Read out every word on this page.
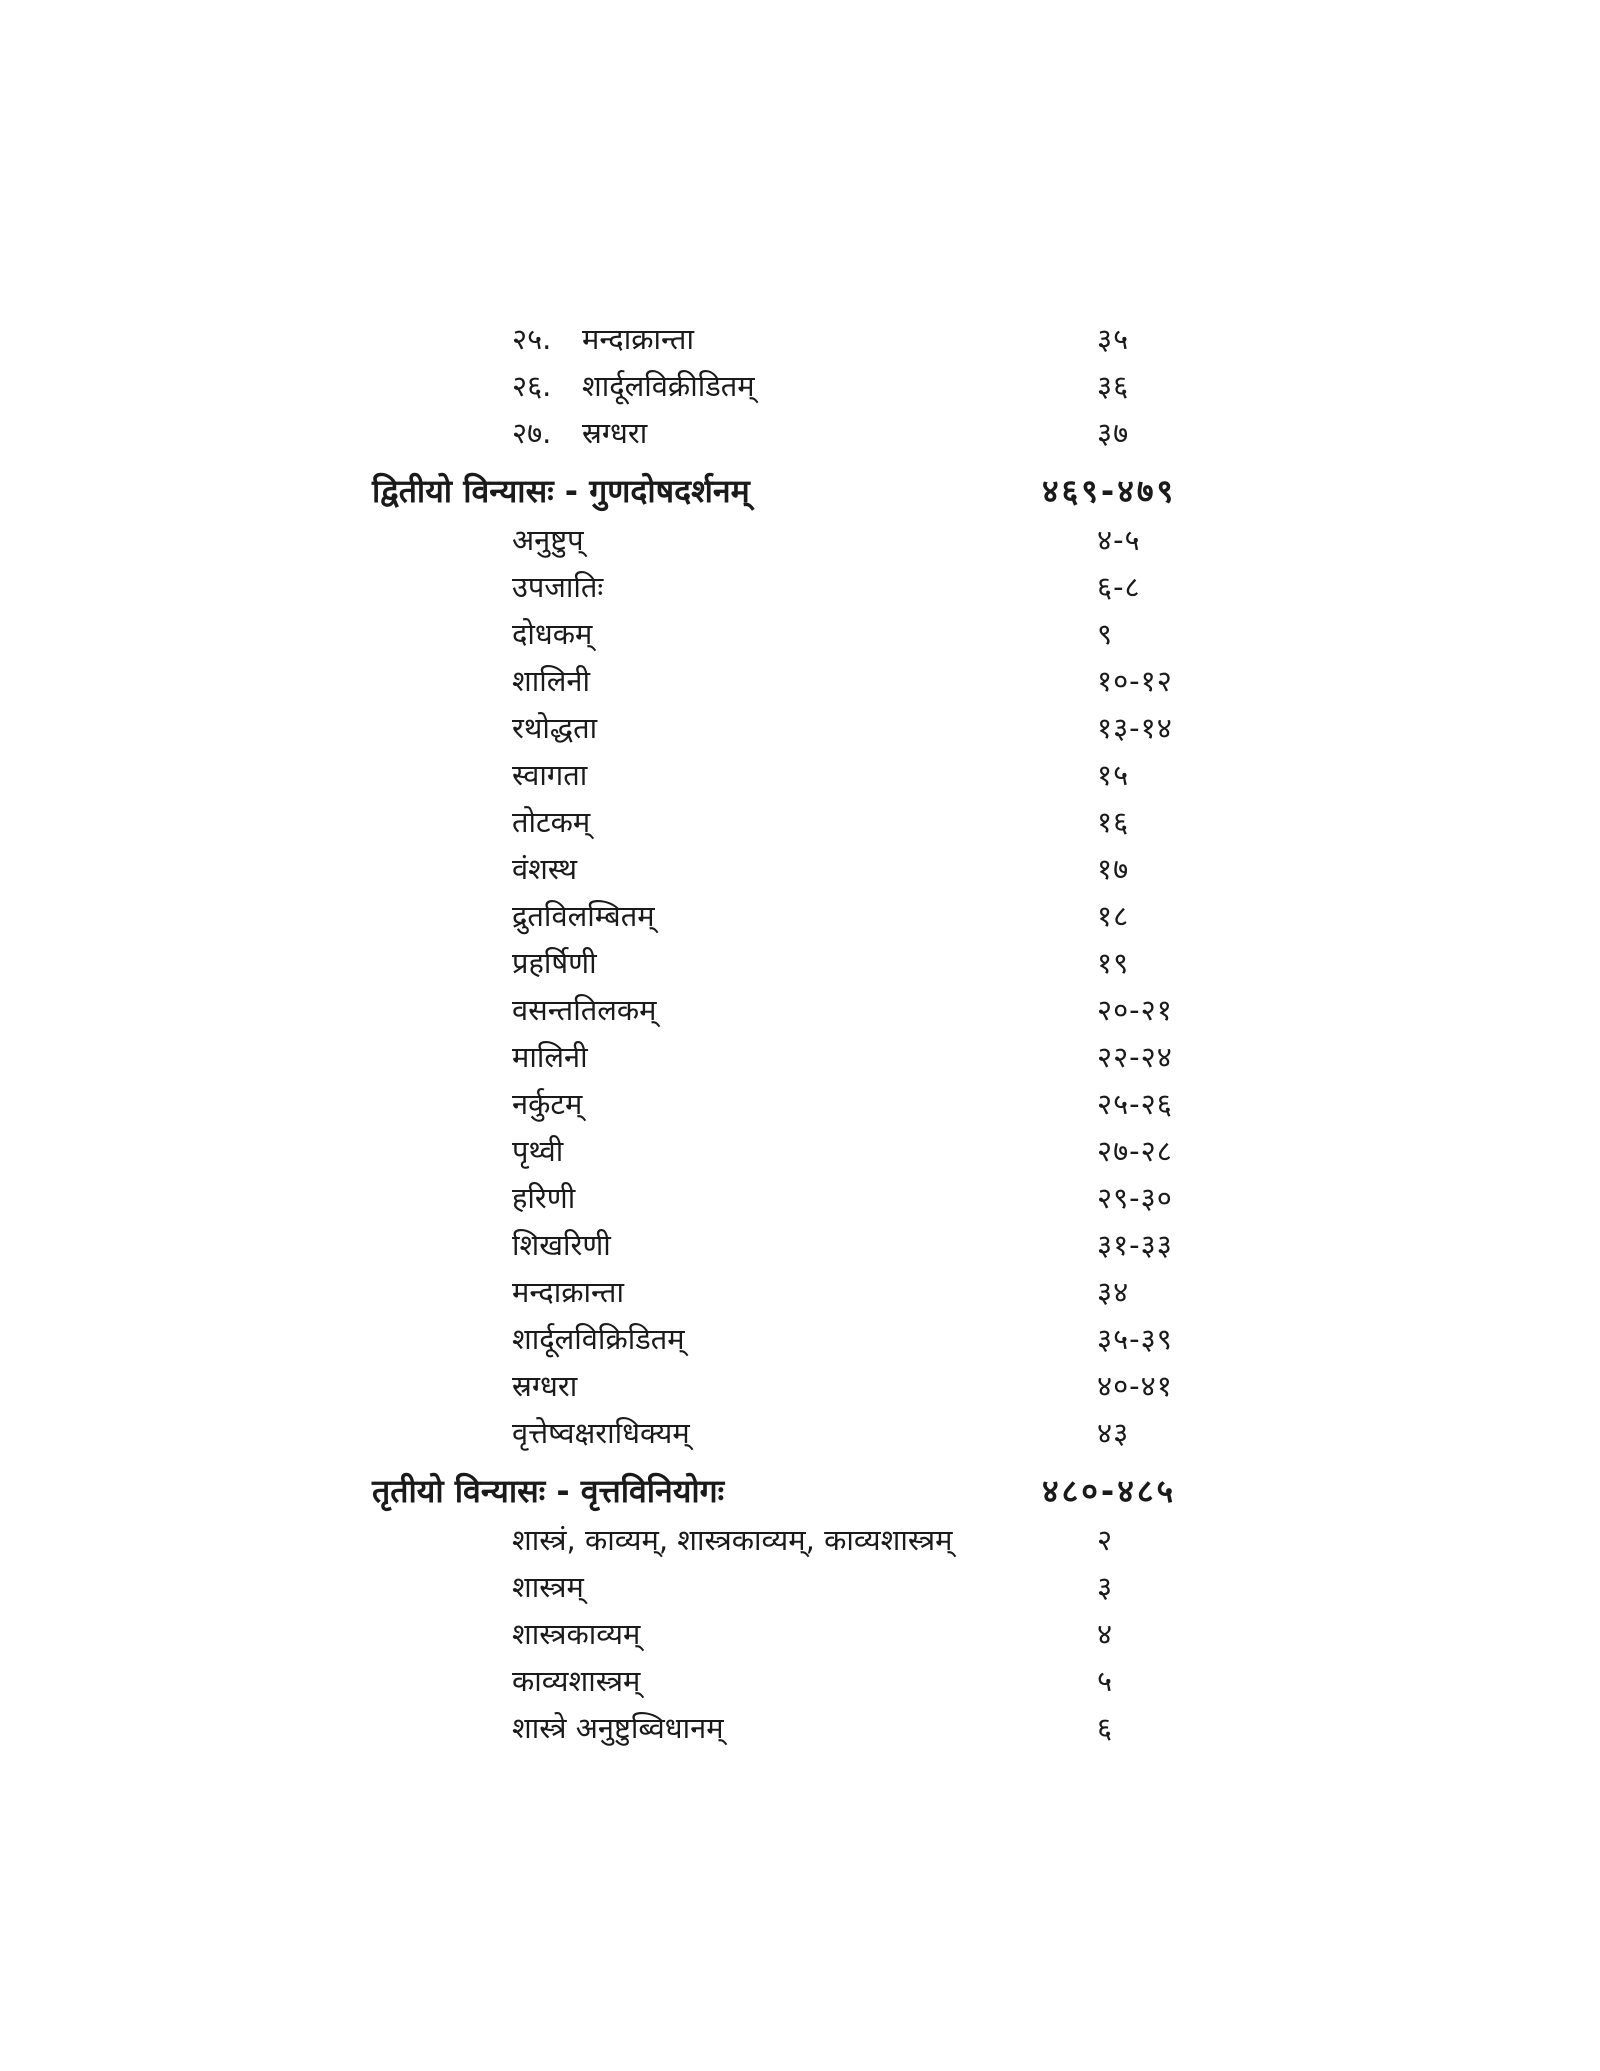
२५. मन्दाक्रान्ता	३५
२६. शार्दूलविक्रीडितम्	३६
२७. स्रग्धरा	३७
द्वितीयो विन्यासः - गुणदोषदर्शनम्	४६९-४७९
अनुष्टुप्	४-५
उपजातिः	६-८
दोधकम्	९
शालिनी	१०-१२
रथोद्धता	१३-१४
स्वागता	१५
तोटकम्	१६
वंशस्थ	१७
द्रुतविलम्बितम्	१८
प्रहर्षिणी	१९
वसन्ततिलकम्	२०-२१
मालिनी	२२-२४
नर्कुटम्	२५-२६
पृथ्वी	२७-२८
हरिणी	२९-३०
शिखरिणी	३१-३३
मन्दाक्रान्ता	३४
शार्दूलविक्रिडितम्	३५-३९
स्रग्धरा	४०-४१
वृत्तेष्वक्षराधिक्यम्	४३
तृतीयो विन्यासः - वृत्तविनियोगः	४८०-४८५
शास्त्रं, काव्यम्, शास्त्रकाव्यम्, काव्यशास्त्रम्	२
शास्त्रम्	३
शास्त्रकाव्यम्	४
काव्यशास्त्रम्	५
शास्त्रे अनुष्टुब्विधानम्	६
